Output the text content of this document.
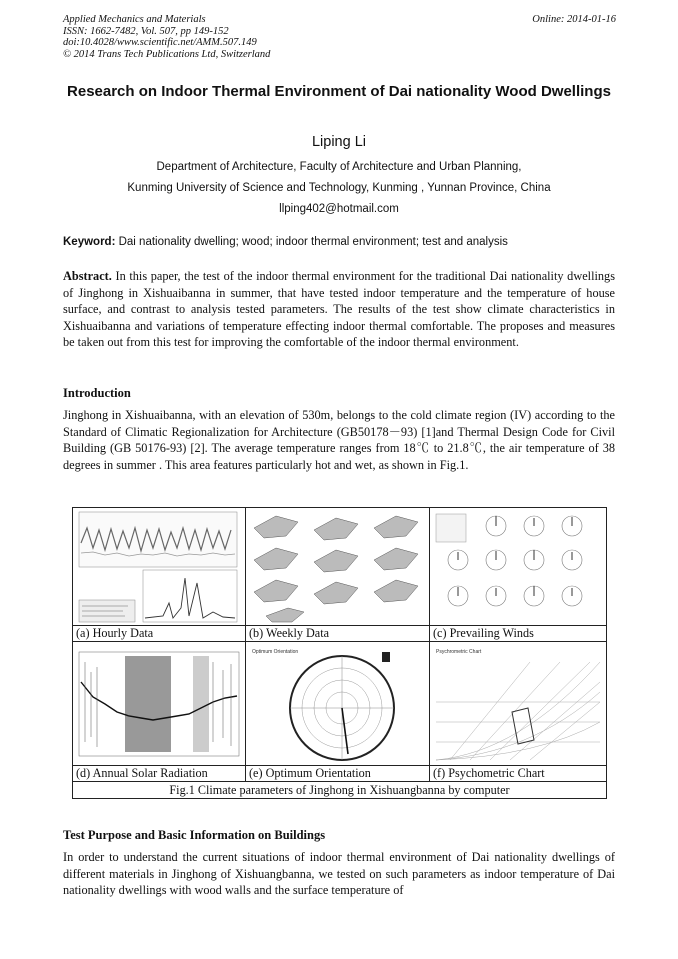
Applied Mechanics and Materials
ISSN: 1662-7482, Vol. 507, pp 149-152
doi:10.4028/www.scientific.net/AMM.507.149
© 2014 Trans Tech Publications Ltd, Switzerland
Online: 2014-01-16
Research on Indoor Thermal Environment of Dai nationality Wood Dwellings
Liping Li
Department of Architecture, Faculty of Architecture and Urban Planning,
Kunming University of Science and Technology, Kunming , Yunnan Province, China
llping402@hotmail.com
Keyword: Dai nationality dwelling; wood; indoor thermal environment; test and analysis
Abstract. In this paper, the test of the indoor thermal environment for the traditional Dai nationality dwellings of Jinghong in Xishuaibanna in summer, that have tested indoor temperature and the temperature of house surface, and contrast to analysis tested parameters. The results of the test show climate characteristics in Xishuaibanna and variations of temperature effecting indoor thermal comfortable. The proposes and measures be taken out from this test for improving the comfortable of the indoor thermal environment.
Introduction
Jinghong in Xishuaibanna, with an elevation of 530m, belongs to the cold climate region (IV) according to the Standard of Climatic Regionalization for Architecture (GB50178－93) [1]and Thermal Design Code for Civil Building (GB 50176-93) [2]. The average temperature ranges from 18℃ to 21.8℃, the air temperature of 38 degrees in summer . This area features particularly hot and wet, as shown in Fig.1.

(a) Hourly Data	(b) Weekly Data	(c) Prevailing Winds

Optimum Orientation	Psychrometric Chart

(d) Annual Solar Radiation	(e) Optimum Orientation	(f) Psychometric Chart
Fig.1 Climate parameters of Jinghong in Xishuangbanna by computer		
Test Purpose and Basic Information on Buildings
In order to understand the current situations of indoor thermal environment of Dai nationality dwellings of different materials in Jinghong of Xishuangbanna, we tested on such parameters as indoor temperature of Dai nationality dwellings with wood walls and the surface temperature of
